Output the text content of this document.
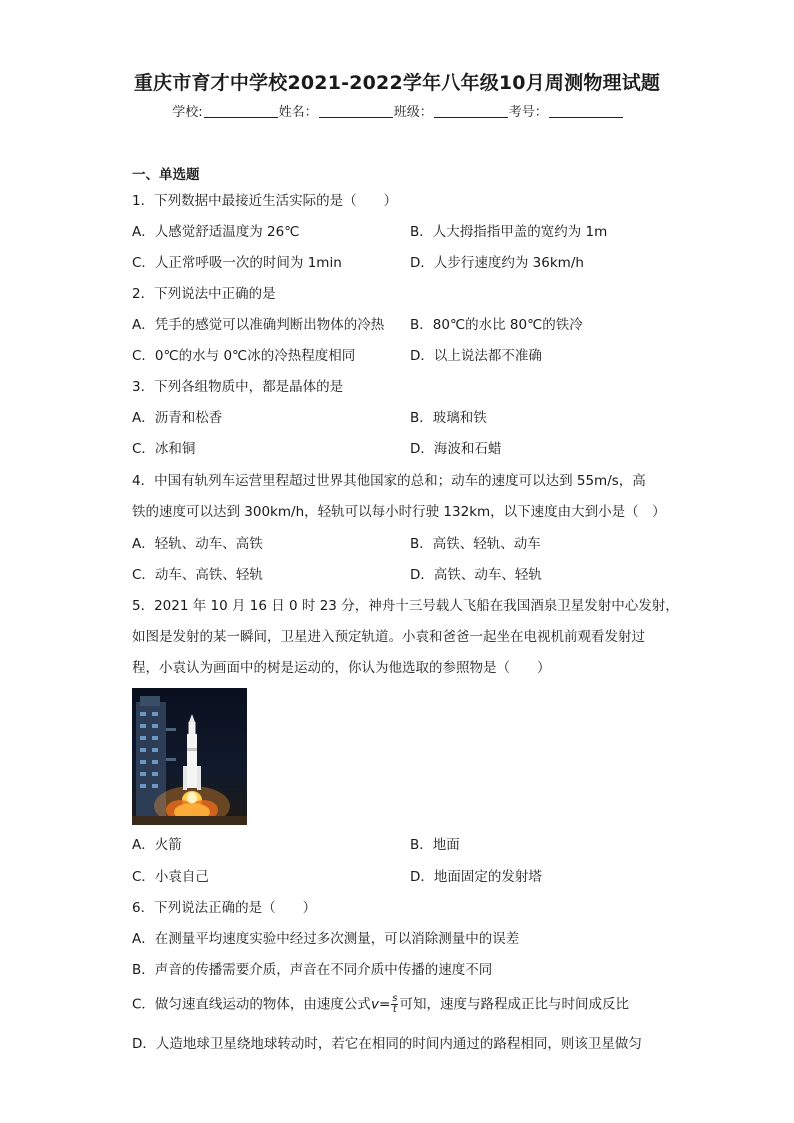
重庆市育才中学校2021-2022学年八年级10月周测物理试题
学校:	姓名：	班级：	考号：
一、单选题
1．下列数据中最接近生活实际的是（　　）
A．人感觉舒适温度为 26℃	B．人大拇指指甲盖的宽约为 1m
C．人正常呼吸一次的时间为 1min	D．人步行速度约为 36km/h
2．下列说法中正确的是
A．凭手的感觉可以准确判断出物体的冷热 B．80℃的水比 80℃的铁冷
C．0℃的水与 0℃冰的冷热程度相同	D．以上说法都不准确
3．下列各组物质中，都是晶体的是
A．沥青和松香	B．玻璃和铁
C．冰和铜	D．海波和石蜡
4．中国有轨列车运营里程超过世界其他国家的总和；动车的速度可以达到 55m/s，高
铁的速度可以达到 300km/h，轻轨可以每小时行驶 132km，以下速度由大到小是（　）
A．轻轨、动车、高铁	B．高铁、轻轨、动车
C．动车、高铁、轻轨	D．高铁、动车、轻轨
5．2021 年 10 月 16 日 0 时 23 分，神舟十三号载人飞船在我国酒泉卫星发射中心发射，
如图是发射的某一瞬间，卫星进入预定轨道。小袁和爸爸一起坐在电视机前观看发射过
程，小袁认为画面中的树是运动的，你认为他选取的参照物是（　　）
A．火箭	B．地面
C．小袁自己	D．地面固定的发射塔
6．下列说法正确的是（　　）
A．在测量平均速度实验中经过多次测量，可以消除测量中的误差
B．声音的传播需要介质，声音在不同介质中传播的速度不同
C．做匀速直线运动的物体，由速度公式$v= \frac{s}{t}$ 可知，速度与路程成正比与时间成反比
D．人造地球卫星绕地球转动时，若它在相同的时间内通过的路程相同，则该卫星做匀
